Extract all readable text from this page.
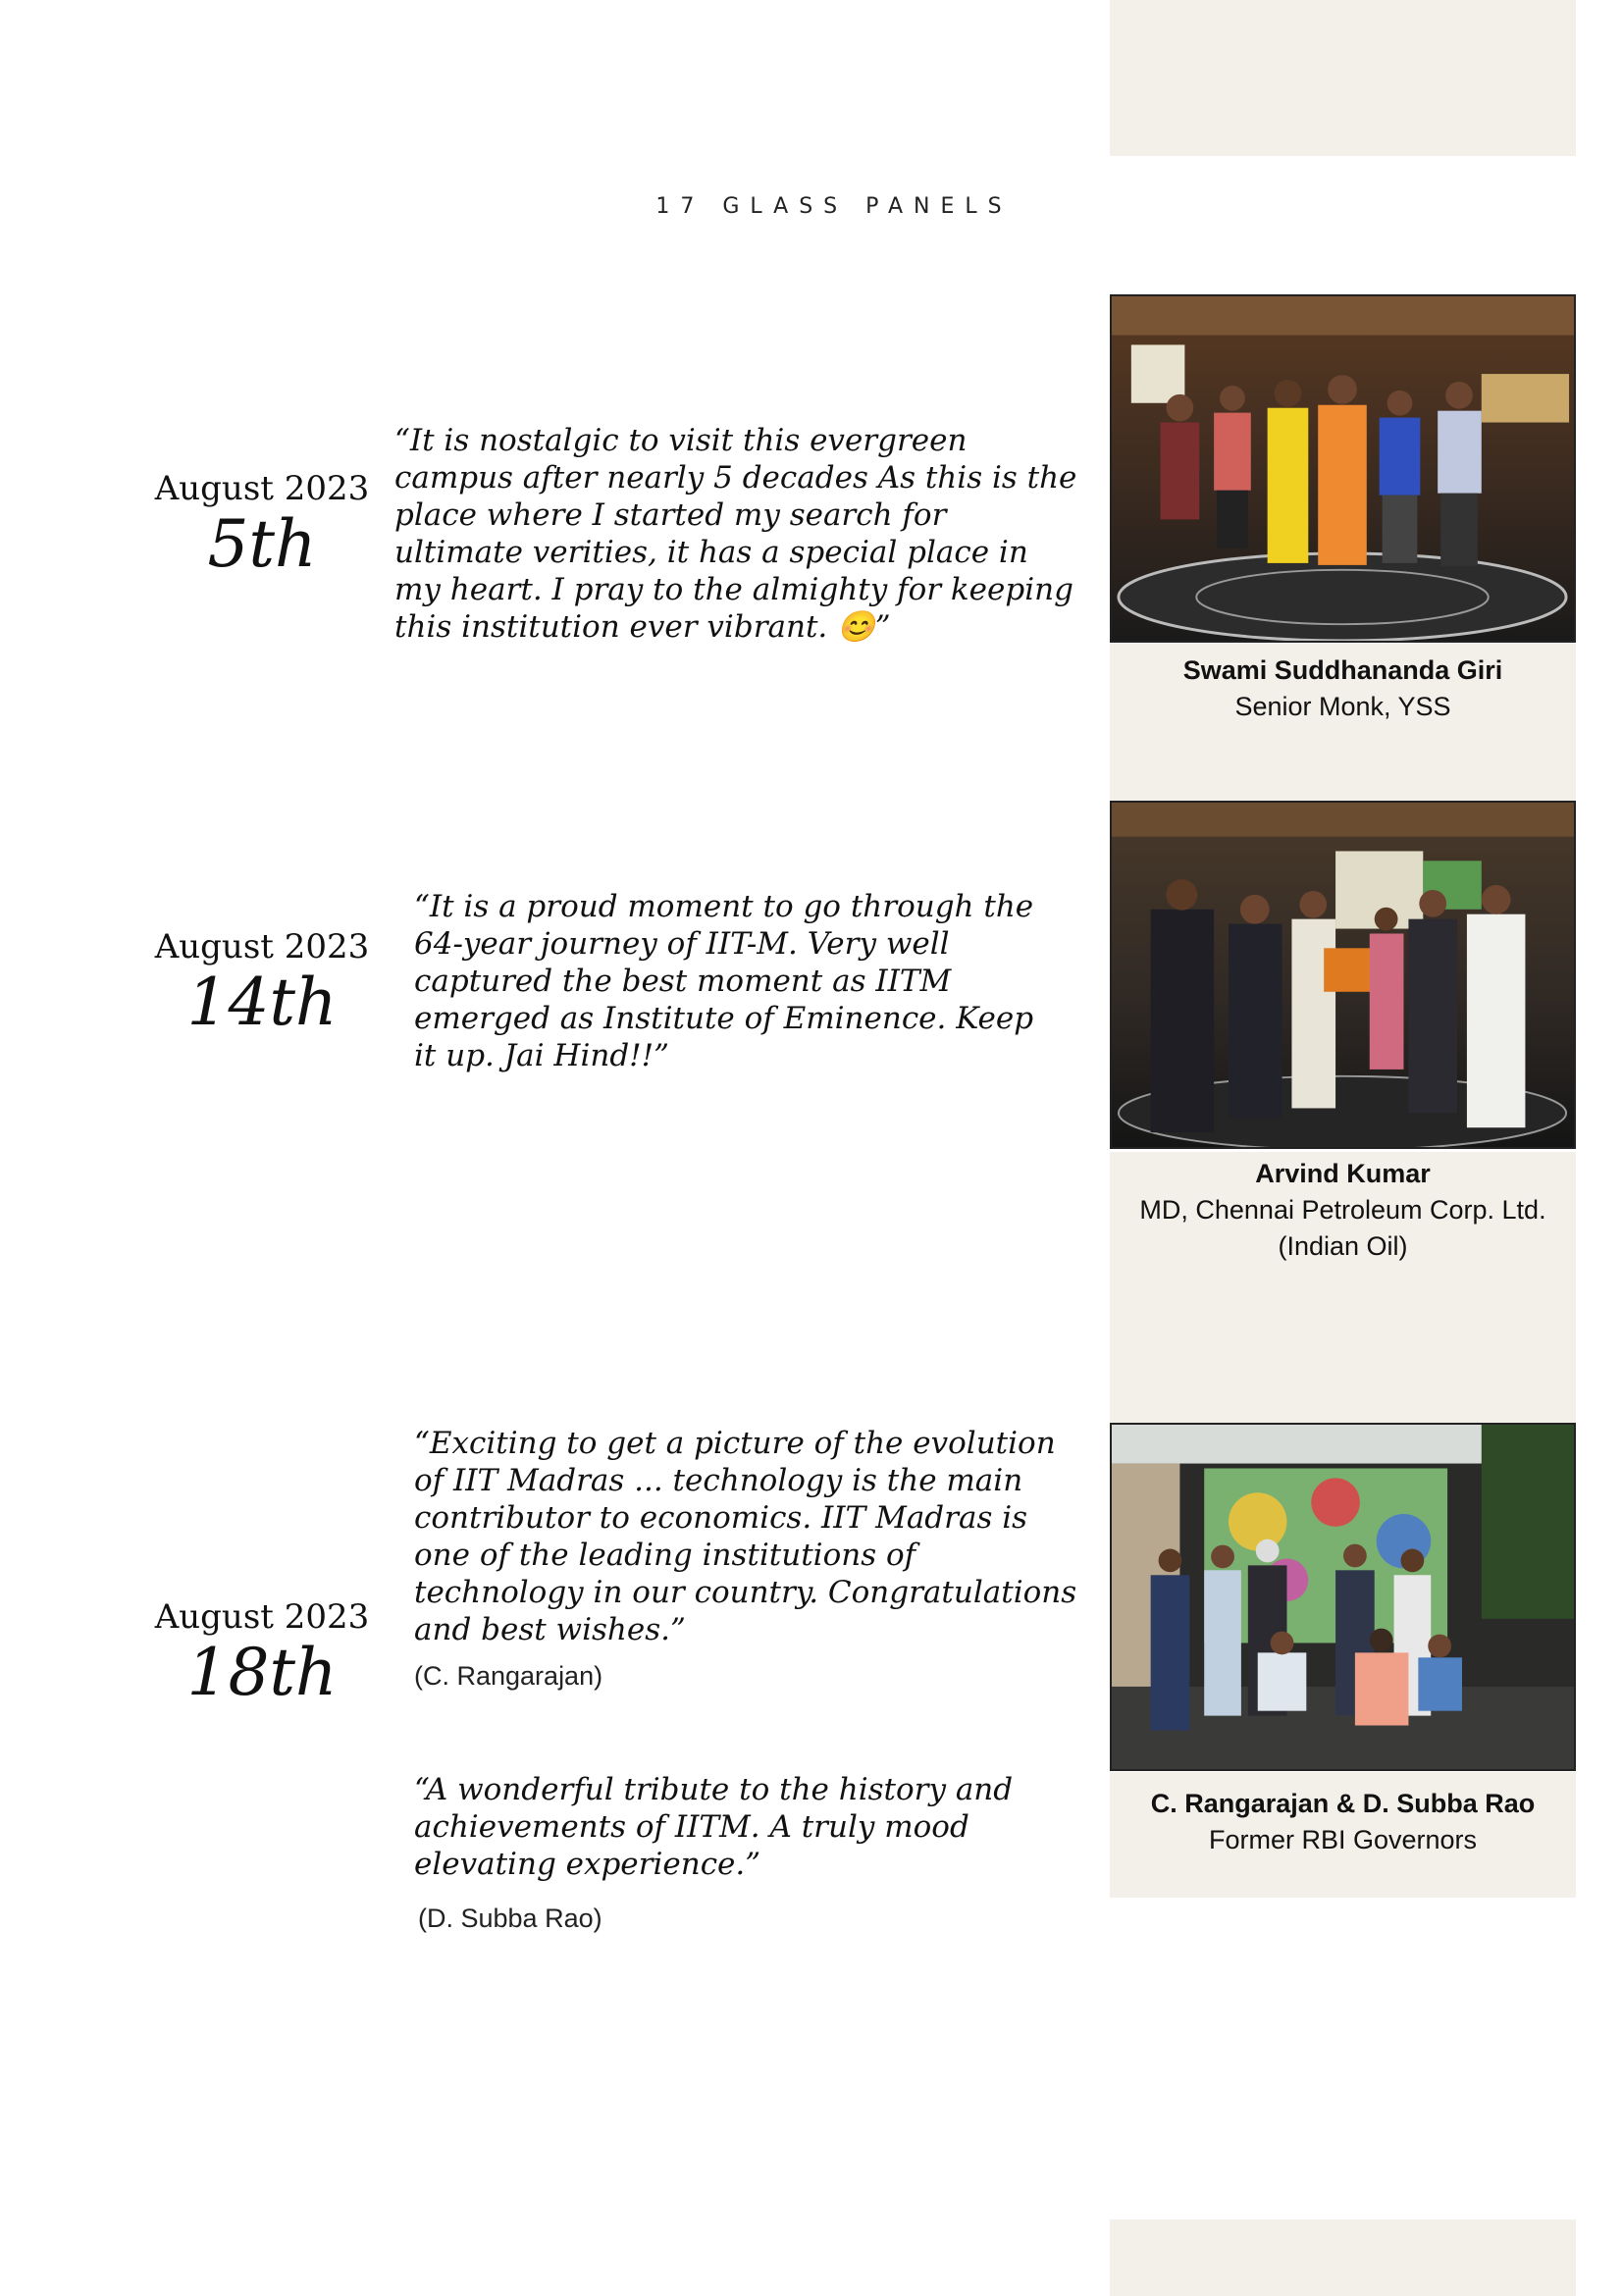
17 GLASS PANELS
August 2023
5th
“It is nostalgic to visit this evergreen campus after nearly 5 decades As this is the place where I started my search for ultimate verities, it has a special place in my heart. I pray to the almighty for keeping this institution ever vibrant. 😊”
Swami Suddhananda Giri
Senior Monk, YSS
August 2023
14th
“It is a proud moment to go through the 64-year journey of IIT-M. Very well captured the best moment as IITM emerged as Institute of Eminence. Keep it up. Jai Hind!!”
Arvind Kumar
MD, Chennai Petroleum Corp. Ltd.
(Indian Oil)
August 2023
18th
“Exciting to get a picture of the evolution of IIT Madras ... technology is the main contributor to economics. IIT Madras is one of the leading institutions of technology in our country. Congratulations and best wishes.”
(C. Rangarajan)
“A wonderful tribute to the history and achievements of IITM. A truly mood elevating experience.”
(D. Subba Rao)
C. Rangarajan & D. Subba Rao
Former RBI Governors
